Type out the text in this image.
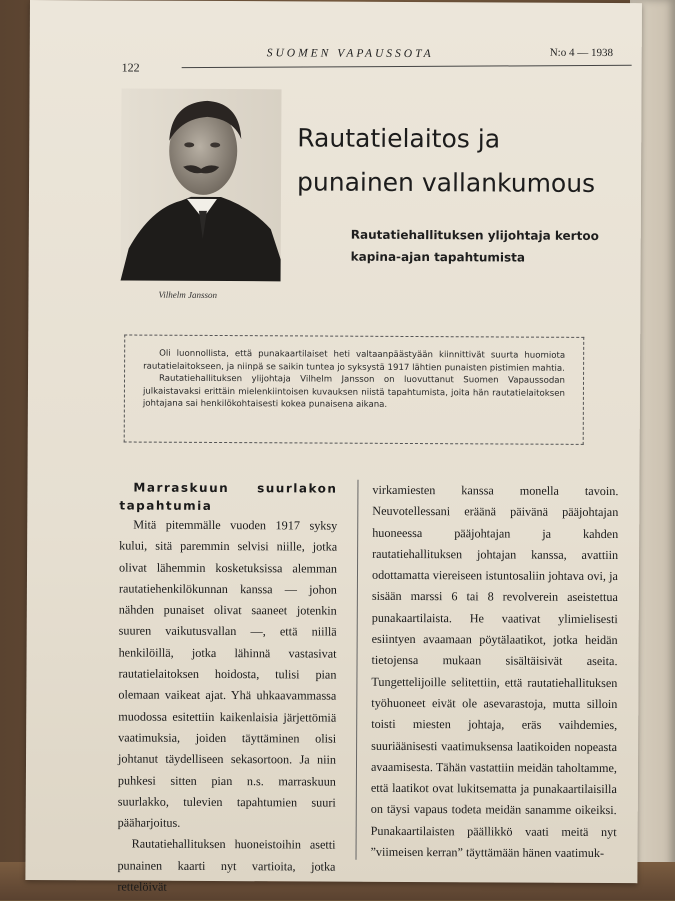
122
SUOMEN VAPAUSSOTA	N:o 4 — 1938
Vilhelm Jansson
Rautatielaitos ja
punainen vallankumous
Rautatiehallituksen ylijohtaja kertoo
kapina-ajan tapahtumista

Oli luonnollista, että punakaartilaiset heti valtaanpäästyään kiinnittivät suurta huomiota rautatielaitokseen, ja niinpä se saikin tuntea jo syksystä 1917 lähtien punaisten pistimien mahtia.

Rautatiehallituksen ylijohtaja Vilhelm Jansson on luovuttanut Suomen Vapaussodan julkaistavaksi erittäin mielenkiintoisen kuvauksen niistä tapahtumista, joita hän rautatielaitoksen johtajana sai henkilökohtaisesti kokea punaisena aikana.

Marraskuun suurlakon tapahtumia

Mitä pitemmälle vuoden 1917 syksy kului, sitä paremmin selvisi niille, jotka olivat lähemmin kosketuksissa alemman rautatiehenkilökunnan kanssa — johon nähden punaiset olivat saaneet jotenkin suuren vaikutusvallan —, että niillä henkilöillä, jotka lähinnä vastasivat rautatielaitoksen hoidosta, tulisi pian olemaan vaikeat ajat. Yhä uhkaavammassa muodossa esitettiin kaikenlaisia järjettömiä vaatimuksia, joiden täyttäminen olisi johtanut täydelliseen sekasortoon. Ja niin puhkesi sitten pian n.s. marraskuun suurlakko, tulevien tapahtumien suuri pääharjoitus.

Rautatiehallituksen huoneistoihin asetti punainen kaarti nyt vartioita, jotka rettelöivät

virkamiesten kanssa monella tavoin. Neuvotellessani eräänä päivänä pääjohtajan huoneessa pääjohtajan ja kahden rautatiehallituksen johtajan kanssa, avattiin odottamatta viereiseen istuntosaliin johtava ovi, ja sisään marssi 6 tai 8 revolverein aseistettua punakaartilaista. He vaativat ylimielisesti esiintyen avaamaan pöytälaatikot, jotka heidän tietojensa mukaan sisältäisivät aseita. Tungettelijoille selitettiin, että rautatiehallituksen työhuoneet eivät ole asevarastoja, mutta silloin toisti miesten johtaja, eräs vaihdemies, suuriäänisesti vaatimuksensa laatikoiden nopeasta avaamisesta. Tähän vastattiin meidän taholtamme, että laatikot ovat lukitsematta ja punakaartilaisilla on täysi vapaus todeta meidän sanamme oikeiksi. Punakaartilaisten päällikkö vaati meitä nyt ”viimeisen kerran” täyttämään hänen vaatimuk-
